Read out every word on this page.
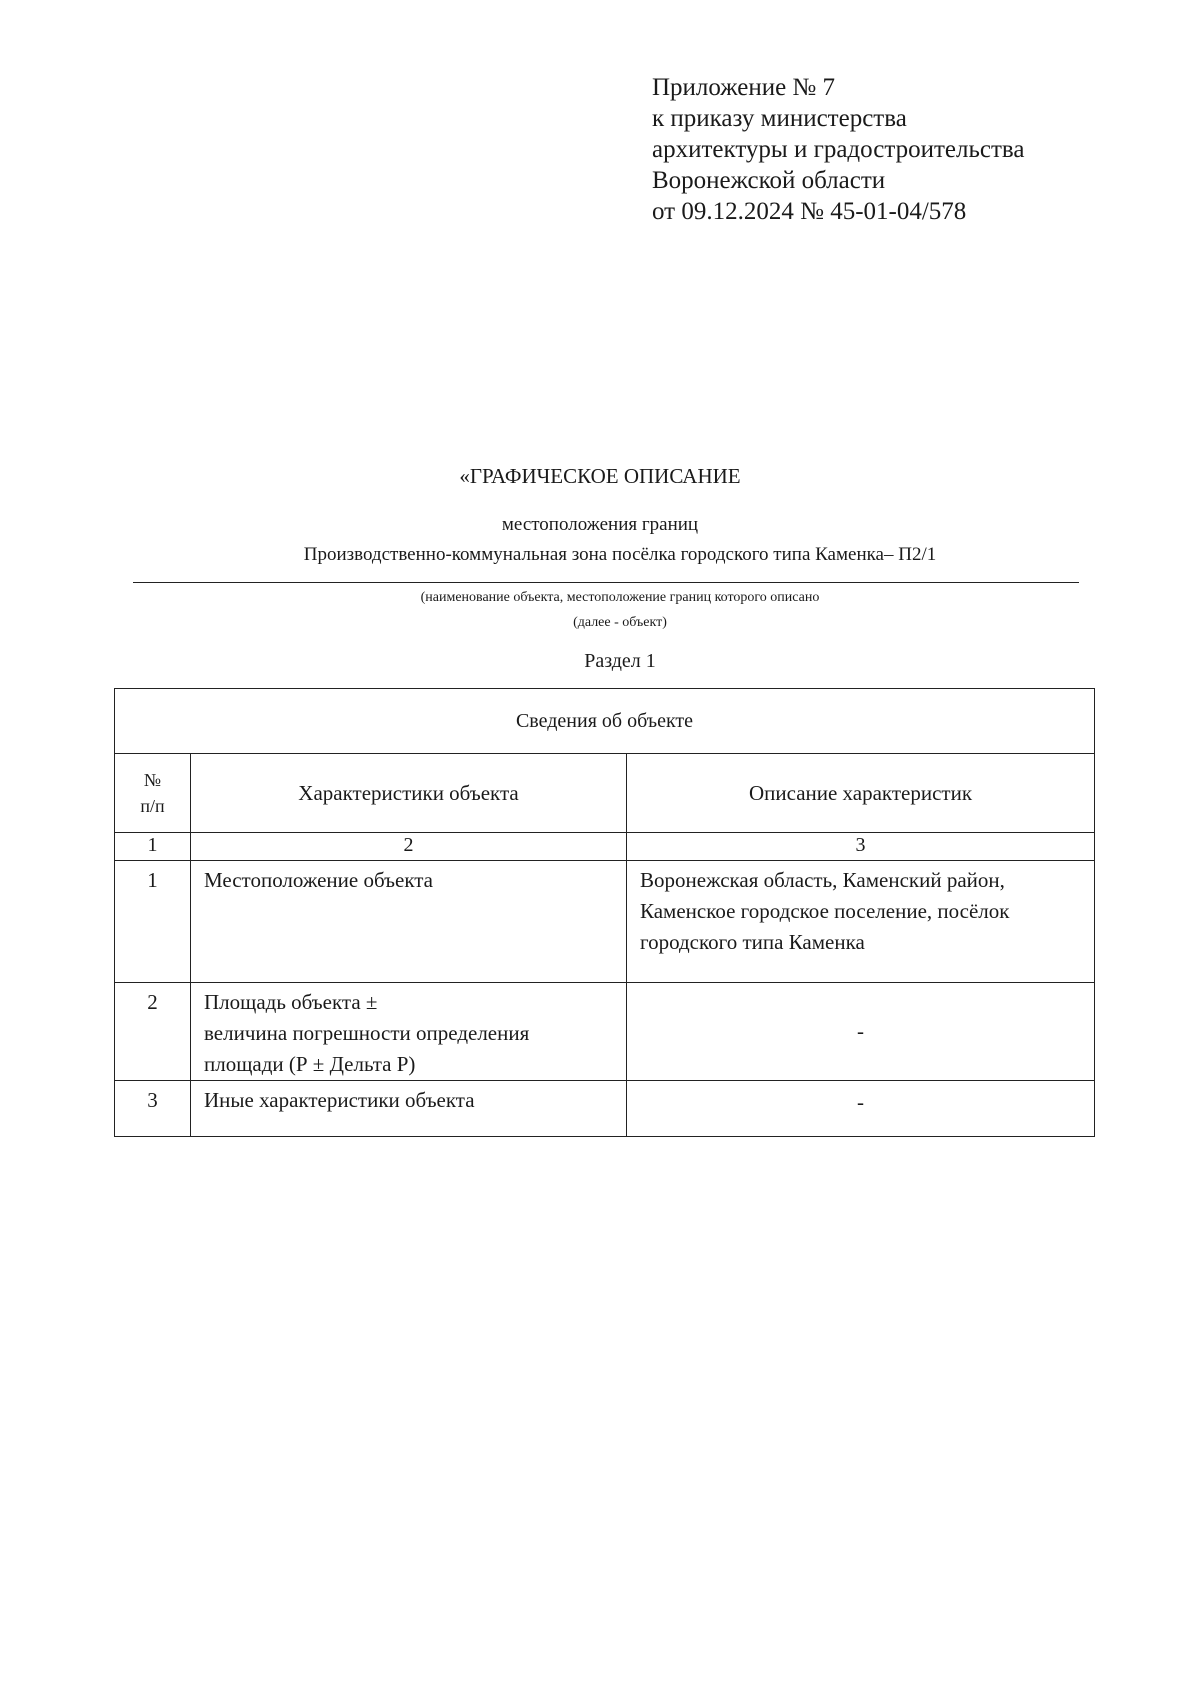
Приложение № 7
к приказу министерства
архитектуры и градостроительства
Воронежской области
от 09.12.2024 № 45-01-04/578
«ГРАФИЧЕСКОЕ ОПИСАНИЕ
местоположения границ
Производственно-коммунальная зона посёлка городского типа Каменка– П2/1
(наименование объекта, местоположение границ которого описано
(далее - объект)
Раздел 1
Сведения об объекте		

№
п/п	Характеристики объекта	Описание характеристик
1	2	3
1	Местоположение объекта	Воронежская область, Каменский район,
Каменское городское поселение, посёлок
городского типа Каменка

2	Площадь объекта ±
величина погрешности определения
площади (Р ± Дельта Р)	-

3	Иные характеристики объекта	-
